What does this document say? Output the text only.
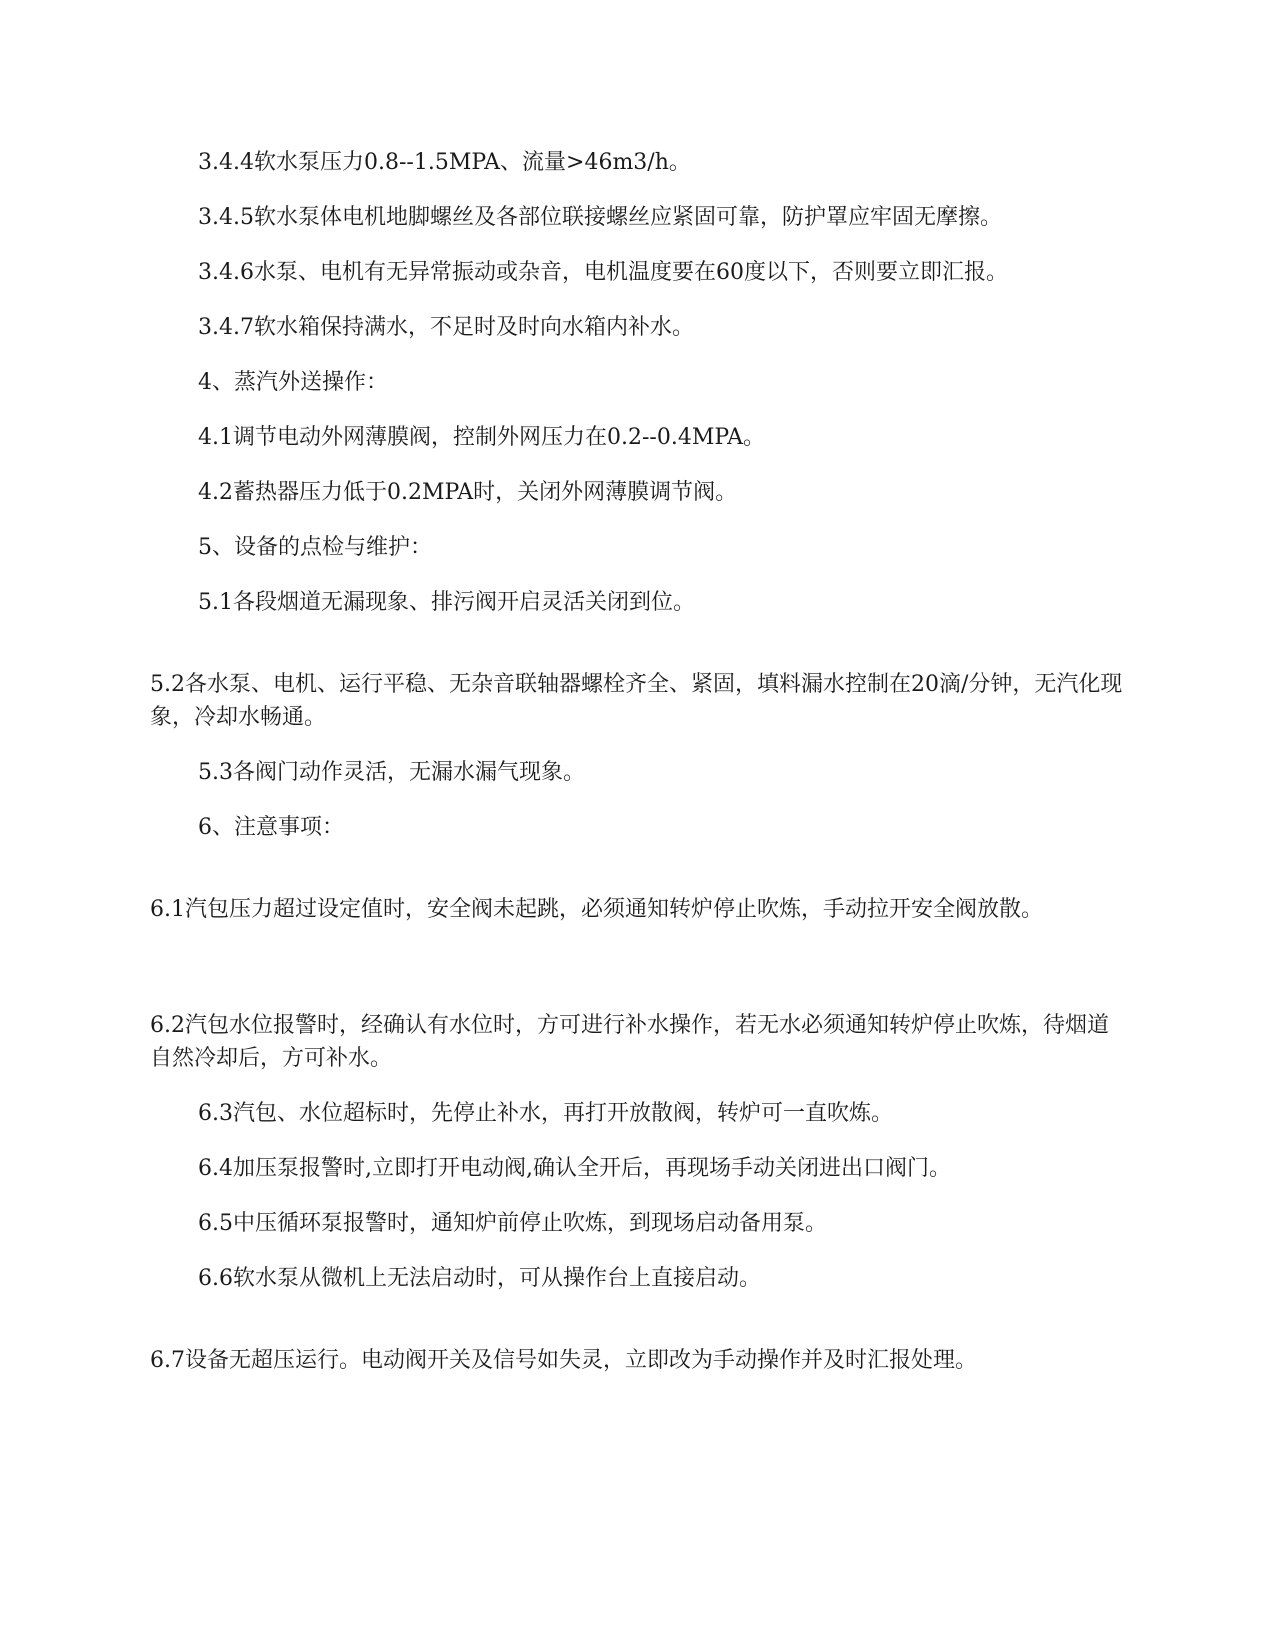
3.4.4软水泵压力0.8--1.5MPA、流量>46m3/h。

3.4.5软水泵体电机地脚螺丝及各部位联接螺丝应紧固可靠，防护罩应牢固无摩擦。

3.4.6水泵、电机有无异常振动或杂音，电机温度要在60度以下，否则要立即汇报。

3.4.7软水箱保持满水，不足时及时向水箱内补水。

4、蒸汽外送操作：

4.1调节电动外网薄膜阀，控制外网压力在0.2--0.4MPA。

4.2蓄热器压力低于0.2MPA时，关闭外网薄膜调节阀。

5、设备的点检与维护：

5.1各段烟道无漏现象、排污阀开启灵活关闭到位。

5.2各水泵、电机、运行平稳、无杂音联轴器螺栓齐全、紧固，填料漏水控制在20滴/分钟，无汽化现象，冷却水畅通。

5.3各阀门动作灵活，无漏水漏气现象。

6、注意事项：

6.1汽包压力超过设定值时，安全阀未起跳，必须通知转炉停止吹炼，手动拉开安全阀放散。

6.2汽包水位报警时，经确认有水位时，方可进行补水操作，若无水必须通知转炉停止吹炼，待烟道自然冷却后，方可补水。

6.3汽包、水位超标时，先停止补水，再打开放散阀，转炉可一直吹炼。

6.4加压泵报警时,立即打开电动阀,确认全开后，再现场手动关闭进出口阀门。

6.5中压循环泵报警时，通知炉前停止吹炼，到现场启动备用泵。

6.6软水泵从微机上无法启动时，可从操作台上直接启动。

6.7设备无超压运行。电动阀开关及信号如失灵，立即改为手动操作并及时汇报处理。
